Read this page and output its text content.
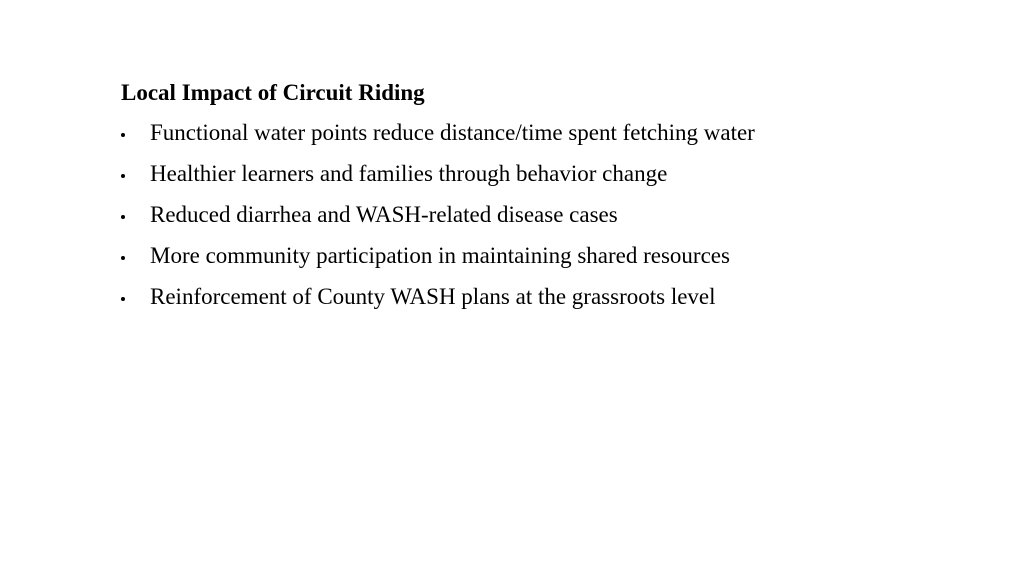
Local Impact of Circuit Riding
Functional water points reduce distance/time spent fetching water
Healthier learners and families through behavior change
Reduced diarrhea and WASH-related disease cases
More community participation in maintaining shared resources
Reinforcement of County WASH plans at the grassroots level
